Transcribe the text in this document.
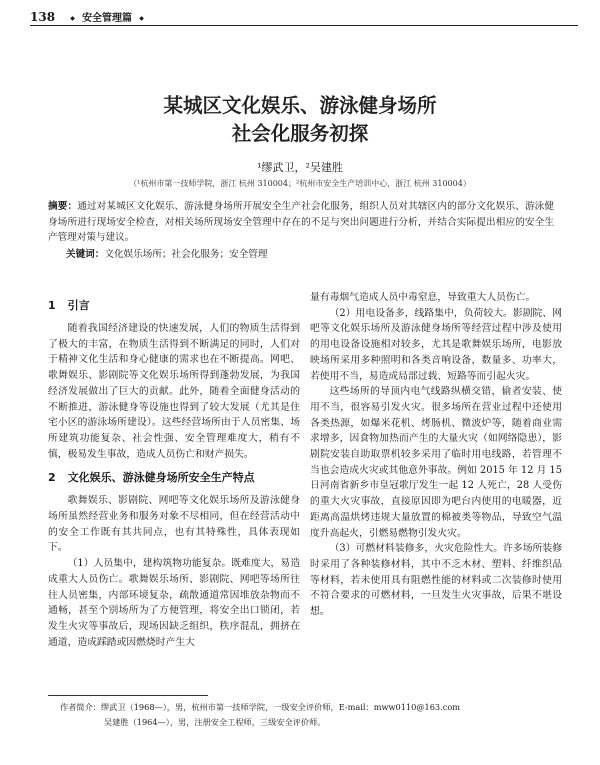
138	◆ 安全管理篇 ◆
某城区文化娱乐、游泳健身场所
社会化服务初探
¹缪武卫，²吴建胜
（¹杭州市第一技师学院，浙江 杭州 310004；²杭州市安全生产培训中心，浙江 杭州 310004）
摘要：通过对某城区文化娱乐、游泳健身场所开展安全生产社会化服务，组织人员对其辖区内的部分文化娱乐、游泳健身场所进行现场安全检查，对相关场所现场安全管理中存在的不足与突出问题进行分析，并结合实际提出相应的安全生产管理对策与建议。
关键词：文化娱乐场所；社会化服务；安全管理
1 引言

随着我国经济建设的快速发展，人们的物质生活得到了极大的丰富，在物质生活得到不断满足的同时，人们对于精神文化生活和身心健康的需求也在不断提高。网吧、歌舞娱乐、影剧院等文化娱乐场所得到蓬勃发展，为我国经济发展做出了巨大的贡献。此外，随着全面健身活动的不断推进，游泳健身等设施也得到了较大发展（尤其是住宅小区的游泳场所建设）。这些经营场所由于人员密集、场所建筑功能复杂、社会性强、安全管理难度大，稍有不慎，极易发生事故，造成人员伤亡和财产损失。

2 文化娱乐、游泳健身场所安全生产特点

歌舞娱乐、影剧院、网吧等文化娱乐场所及游泳健身场所虽然经营业务和服务对象不尽相同，但在经营活动中的安全工作既有其共同点，也有其特殊性，具体表现如下。

（1）人员集中，建构筑物功能复杂。既难度大，易造成重大人员伤亡。歌舞娱乐场所、影剧院、网吧等场所往往人员密集，内部环境复杂，疏散通道常因堆放杂物而不通畅，甚至个别场所为了方便管理，将安全出口锁闭，若发生火灾等事故后，现场因缺乏组织，秩序混乱，拥挤在通道，造成踩踏或因燃烧时产生大

量有毒烟气造成人员中毒窒息，导致重大人员伤亡。

（2）用电设备多，线路集中，负荷较大。影剧院、网吧等文化娱乐场所及游泳健身场所等经营过程中涉及使用的用电设备设施相对较多，尤其是歌舞娱乐场所，电影放映场所采用多种照明和各类音响设备，数量多、功率大，若使用不当，易造成局部过载、短路等而引起火灾。

这些场所的导顶内电气线路纵横交错，偷者安装、使用不当，很容易引发火灾。很多场所在营业过程中还使用各类热源，如爆米花机、烤肠机、微波炉等，随着商业需求增多，因食物加热而产生的大量火灾（如网络隐患），影剧院安装自助取票机较多采用了临时用电线路，若管理不当也会造成火灾或其他意外事故。例如 2015 年 12 月 15 日河南省新乡市皇冠歌厅发生一起 12 人死亡，28 人受伤的重大火灾事故，直接原因即为吧台内使用的电暖器，近距离高温烘烤违规大量放置的棉被类等物品，导致空气温度升高起火，引燃易燃物引发火灾。

（3）可燃材料装修多，火灾危险性大。许多场所装修时采用了各种装修材料，其中不乏木材、塑料、纤维织品等材料，若未使用具有阻燃性能的材料或二次装修时使用不符合要求的可燃材料，一旦发生火灾事故，后果不堪设想。

作者简介：缪武卫（1968—），男，杭州市第一技师学院，一级安全评价师，E-mail：mww0110@163.com
吴建胜（1964—），男，注册安全工程师，三级安全评价师。
